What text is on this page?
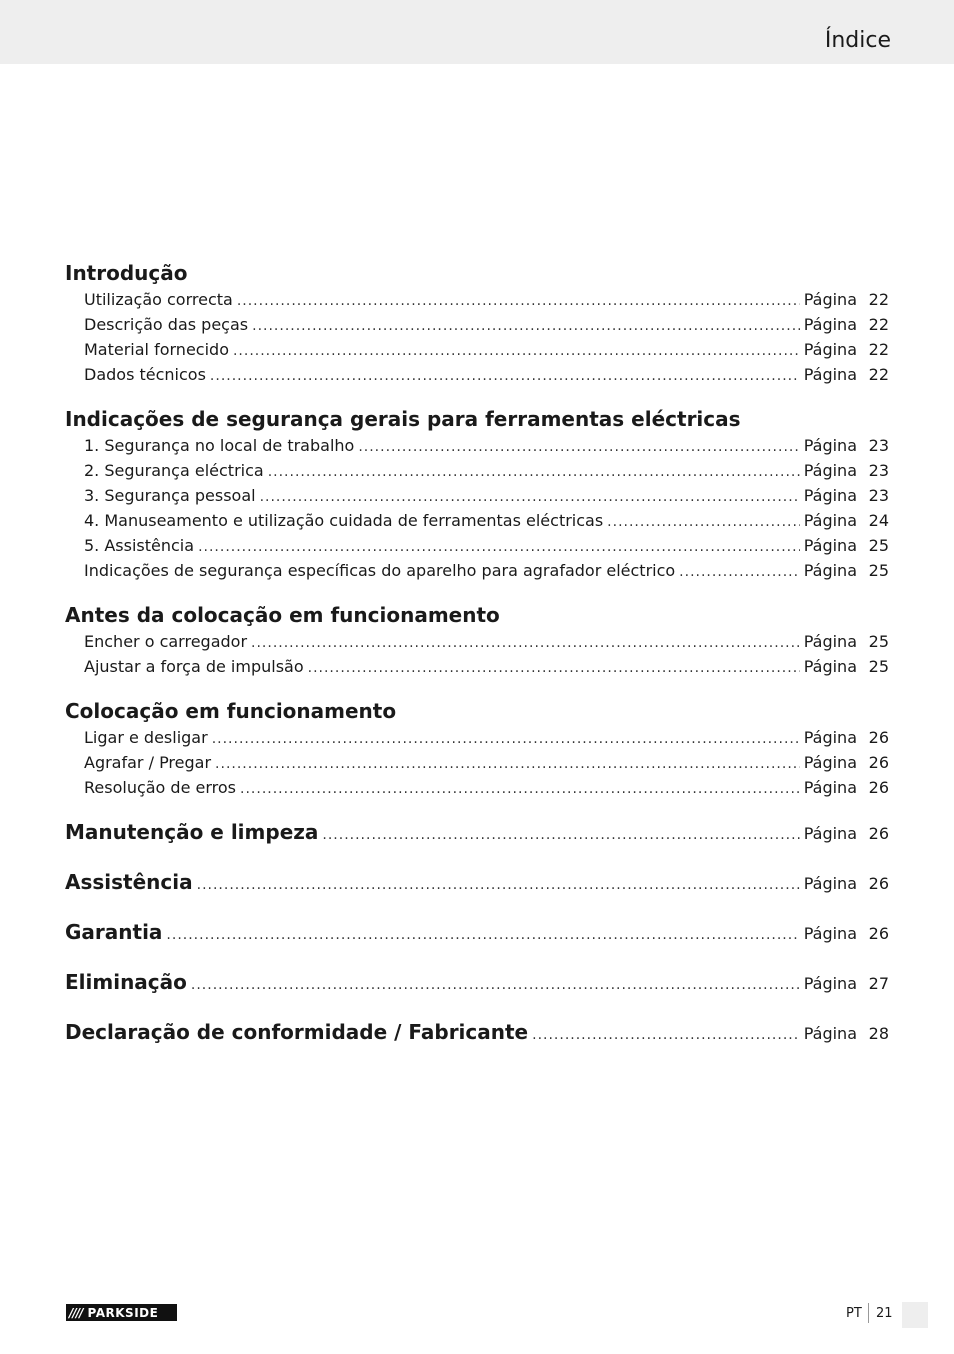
Índice
Introdução
Utilização correcta .....	Página 22
Descrição das peças .....	Página 22
Material fornecido .....	Página 22
Dados técnicos .....	Página 22
Indicações de segurança gerais para ferramentas eléctricas
1. Segurança no local de trabalho .....	Página 23
2. Segurança eléctrica .....	Página 23
3. Segurança pessoal .....	Página 23
4. Manuseamento e utilização cuidada de ferramentas eléctricas .....	Página 24
5. Assistência .....	Página 25
Indicações de segurança específicas do aparelho para agrafador eléctrico .....	Página 25
Antes da colocação em funcionamento
Encher o carregador .....	Página 25
Ajustar a força de impulsão .....	Página 25
Colocação em funcionamento
Ligar e desligar .....	Página 26
Agrafar / Pregar .....	Página 26
Resolução de erros .....	Página 26
Manutenção e limpeza .....	Página 26
Assistência .....	Página 26
Garantia .....	Página 26
Eliminação .....	Página 27
Declaração de conformidade / Fabricante .....	Página 28
//// PARKSIDE	PT 21
